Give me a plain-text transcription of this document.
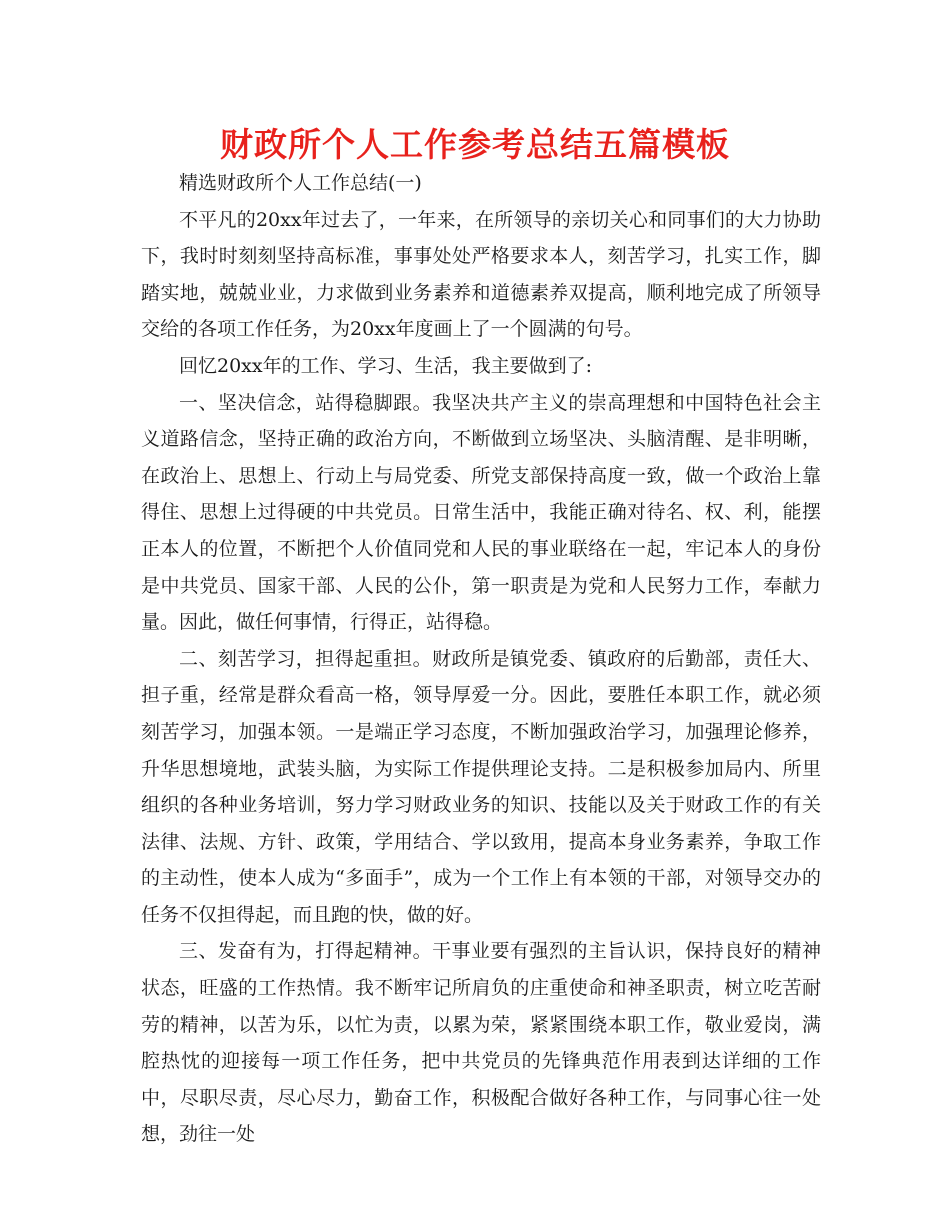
财政所个人工作参考总结五篇模板

精选财政所个人工作总结(一)

不平凡的20xx年过去了，一年来，在所领导的亲切关心和同事们的大力协助下，我时时刻刻坚持高标准，事事处处严格要求本人，刻苦学习，扎实工作，脚踏实地，兢兢业业，力求做到业务素养和道德素养双提高，顺利地完成了所领导交给的各项工作任务，为20xx年度画上了一个圆满的句号。

回忆20xx年的工作、学习、生活，我主要做到了:

一、坚决信念，站得稳脚跟。我坚决共产主义的崇高理想和中国特色社会主义道路信念，坚持正确的政治方向，不断做到立场坚决、头脑清醒、是非明晰，在政治上、思想上、行动上与局党委、所党支部保持高度一致，做一个政治上靠得住、思想上过得硬的中共党员。日常生活中，我能正确对待名、权、利，能摆正本人的位置，不断把个人价值同党和人民的事业联络在一起，牢记本人的身份是中共党员、国家干部、人民的公仆，第一职责是为党和人民努力工作，奉献力量。因此，做任何事情，行得正，站得稳。

二、刻苦学习，担得起重担。财政所是镇党委、镇政府的后勤部，责任大、担子重，经常是群众看高一格，领导厚爱一分。因此，要胜任本职工作，就必须刻苦学习，加强本领。一是端正学习态度，不断加强政治学习，加强理论修养，升华思想境地，武装头脑，为实际工作提供理论支持。二是积极参加局内、所里组织的各种业务培训，努力学习财政业务的知识、技能以及关于财政工作的有关法律、法规、方针、政策，学用结合、学以致用，提高本身业务素养，争取工作的主动性，使本人成为“多面手”，成为一个工作上有本领的干部，对领导交办的任务不仅担得起，而且跑的快，做的好。

三、发奋有为，打得起精神。干事业要有强烈的主旨认识，保持良好的精神状态，旺盛的工作热情。我不断牢记所肩负的庄重使命和神圣职责，树立吃苦耐劳的精神，以苦为乐，以忙为责，以累为荣，紧紧围绕本职工作，敬业爱岗，满腔热忱的迎接每一项工作任务，把中共党员的先锋典范作用表到达详细的工作中，尽职尽责，尽心尽力，勤奋工作，积极配合做好各种工作，与同事心往一处想，劲往一处
